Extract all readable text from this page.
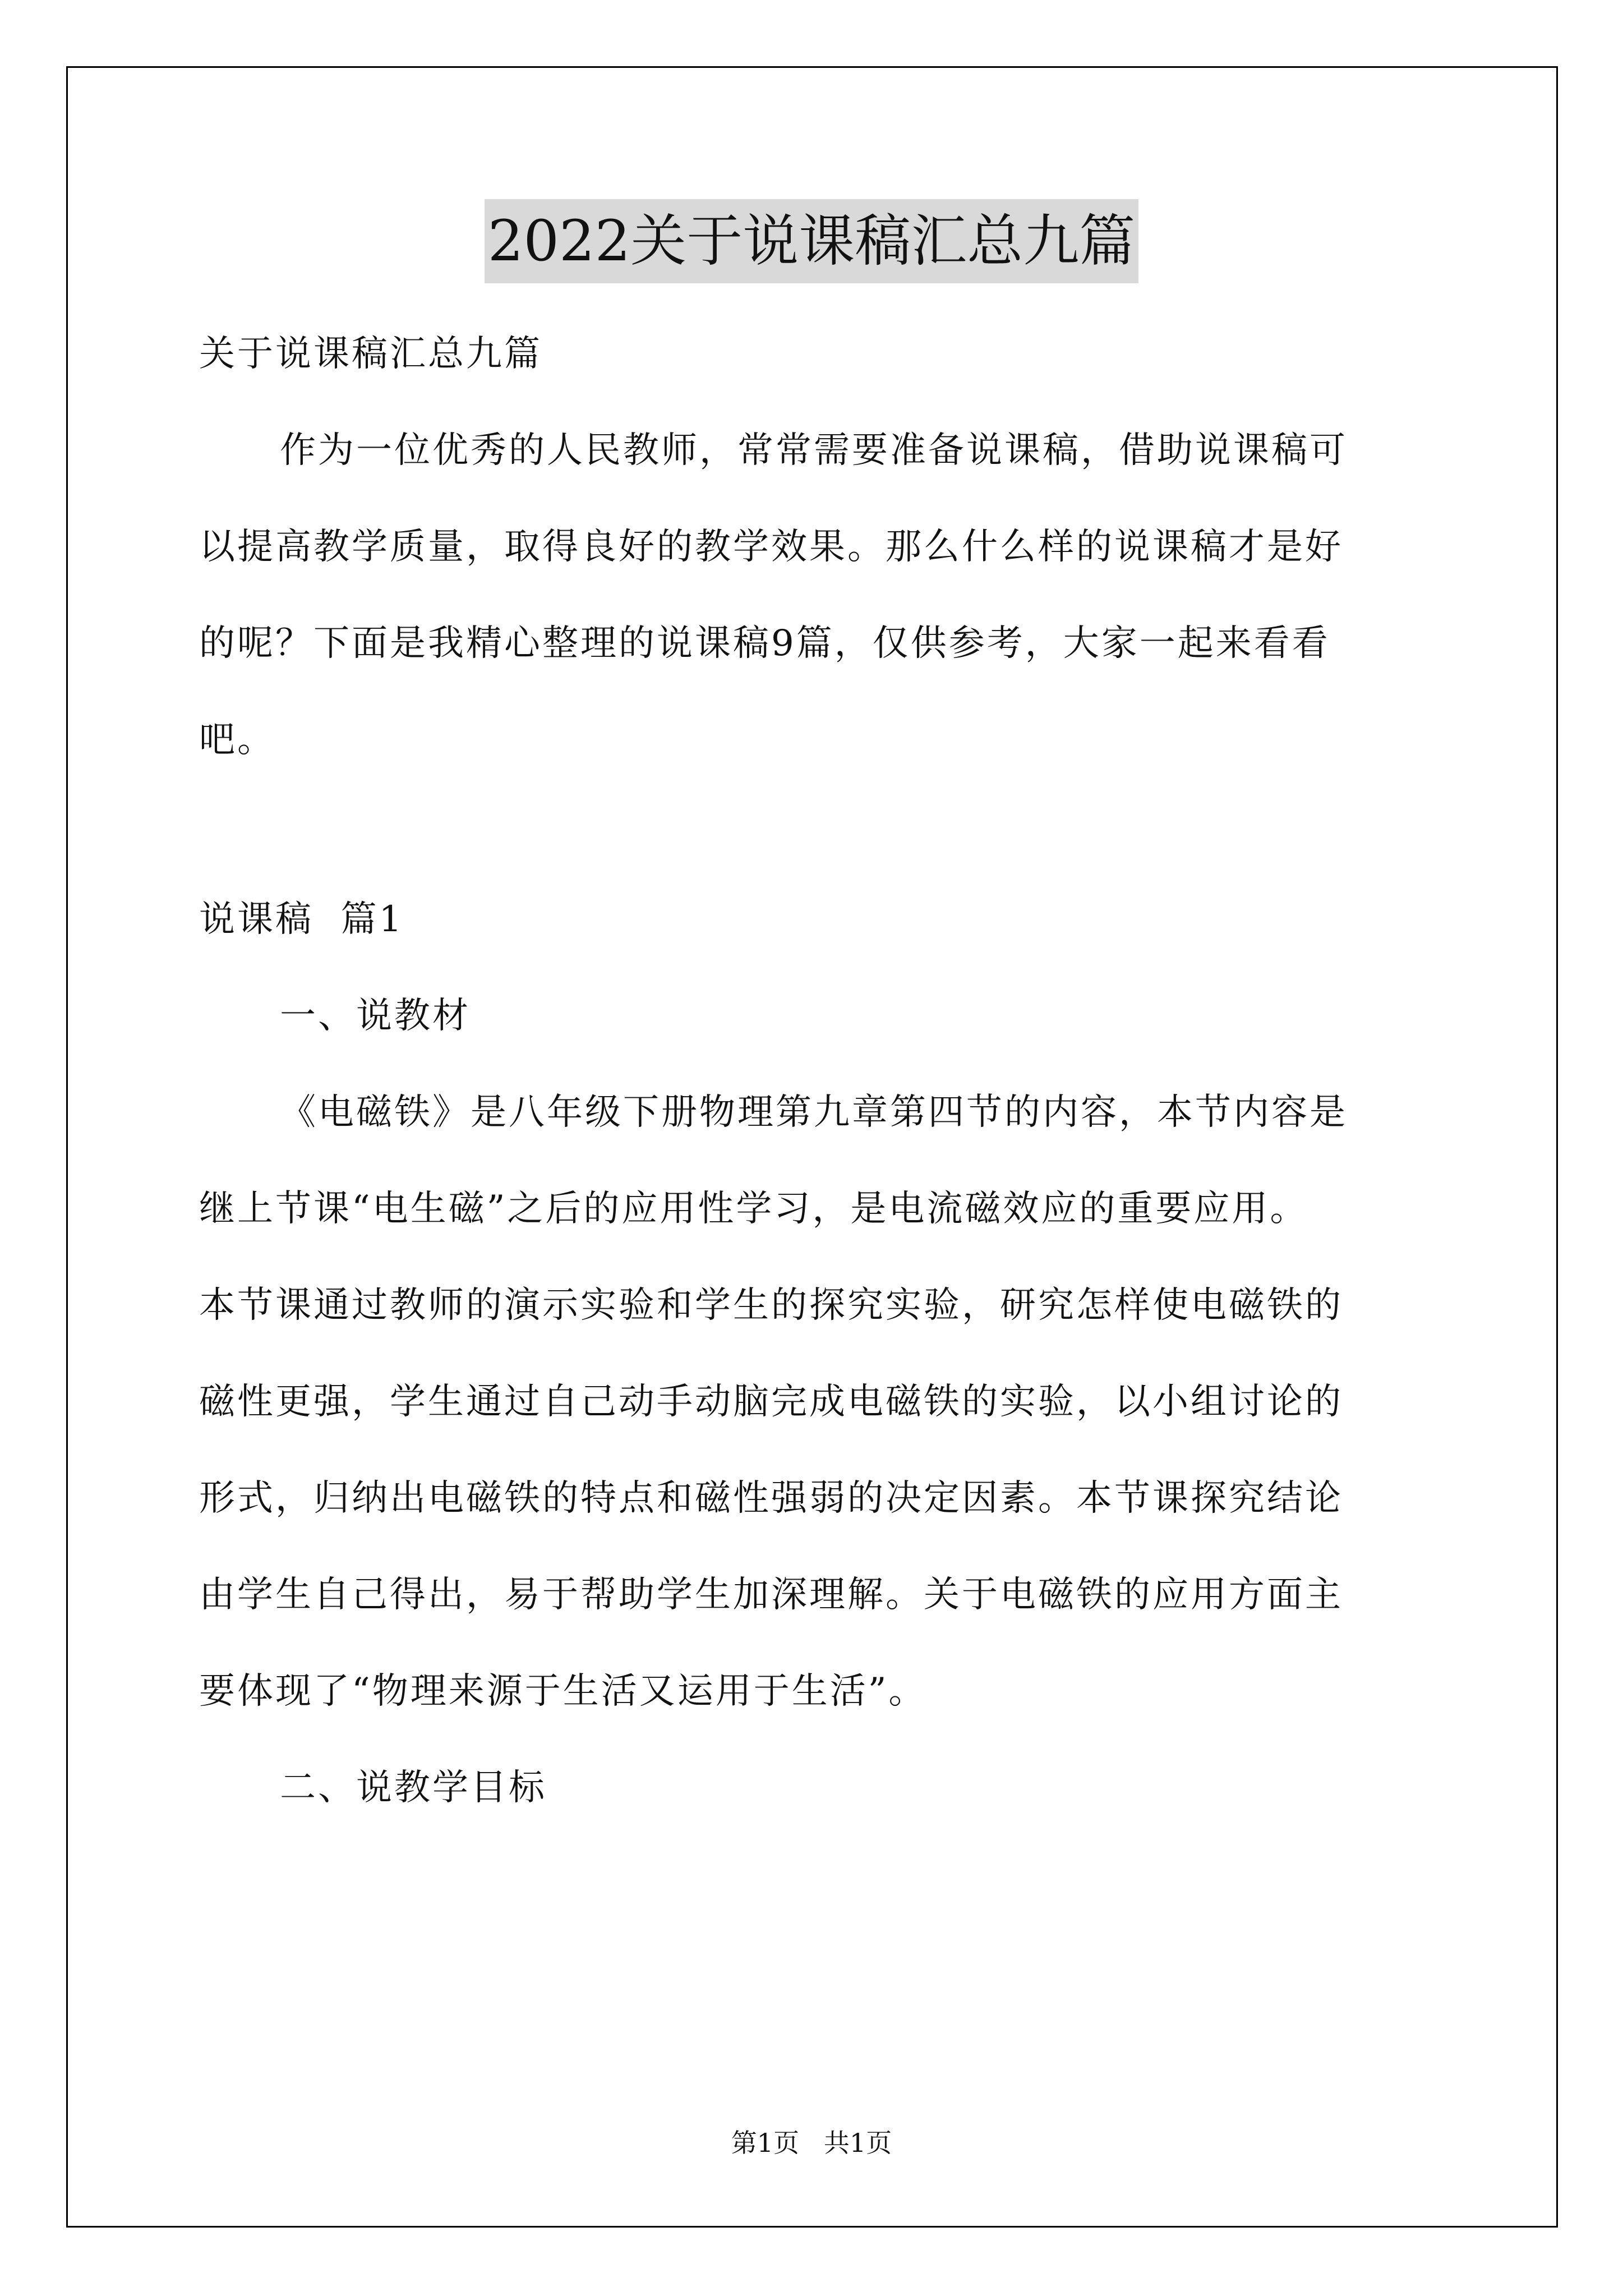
2022关于说课稿汇总九篇

关于说课稿汇总九篇

作为一位优秀的人民教师，常常需要准备说课稿，借助说课稿可
以提高教学质量，取得良好的教学效果。那么什么样的说课稿才是好
的呢？下面是我精心整理的说课稿9篇，仅供参考，大家一起来看看
吧。

说课稿  篇1

一、说教材

《电磁铁》是八年级下册物理第九章第四节的内容，本节内容是
继上节课“电生磁”之后的应用性学习，是电流磁效应的重要应用。
本节课通过教师的演示实验和学生的探究实验，研究怎样使电磁铁的
磁性更强，学生通过自己动手动脑完成电磁铁的实验，以小组讨论的
形式，归纳出电磁铁的特点和磁性强弱的决定因素。本节课探究结论
由学生自己得出，易于帮助学生加深理解。关于电磁铁的应用方面主
要体现了“物理来源于生活又运用于生活”。

二、说教学目标

第1页   共1页
